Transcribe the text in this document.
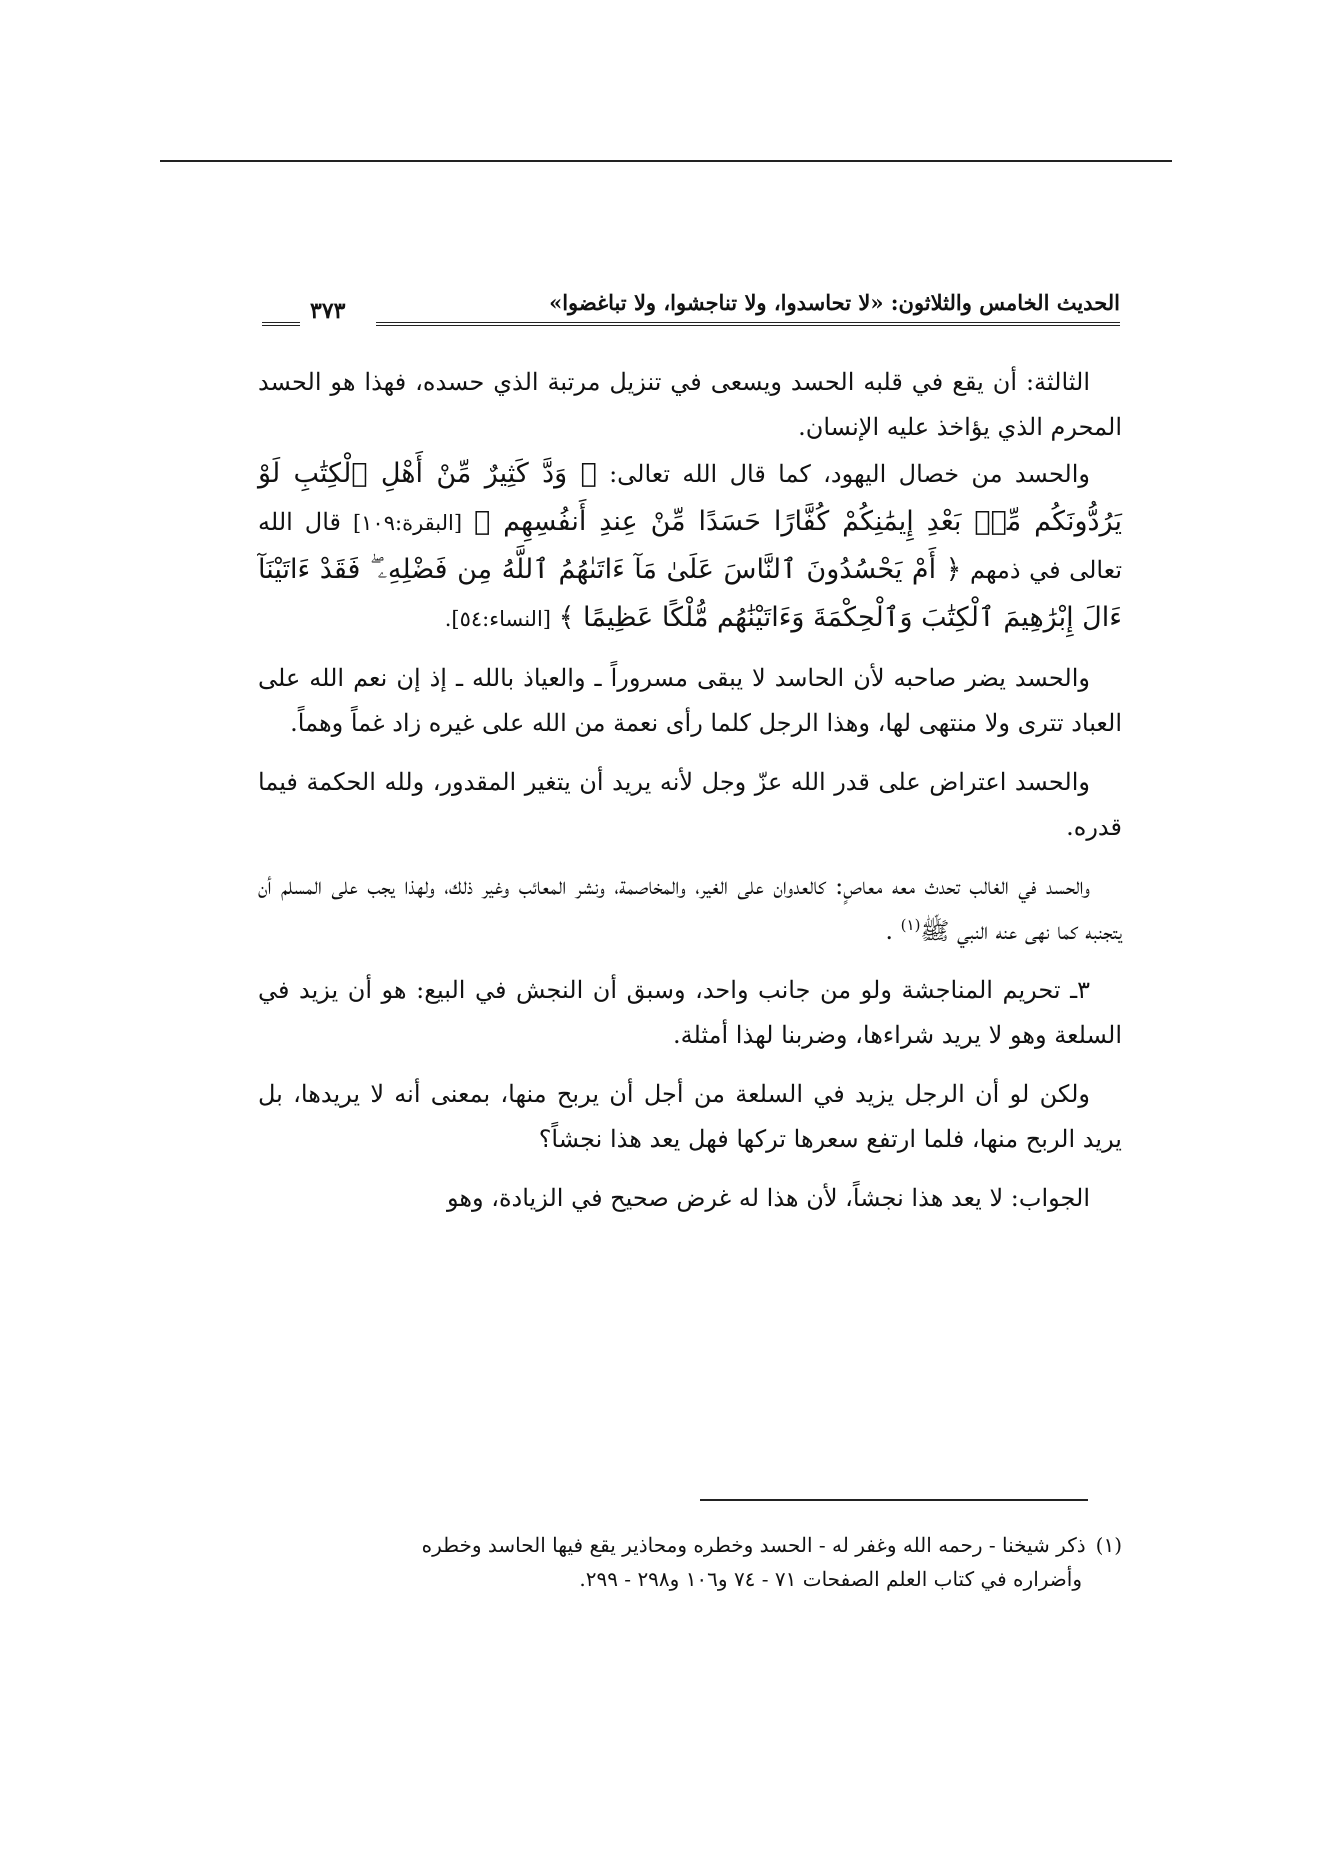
الحديث الخامس والثلاثون: «لا تحاسدوا، ولا تناجشوا، ولا تباغضوا»
٣٧٣

الثالثة: أن يقع في قلبه الحسد ويسعى في تنزيل مرتبة الذي حسده، فهذا هو الحسد المحرم الذي يؤاخذ عليه الإنسان.

والحسد من خصال اليهود، كما قال الله تعالى: ﴿ وَدَّ كَثِيرٌ مِّنْ أَهْلِ ٱلْكِتَٰبِ لَوْ يَرُدُّونَكُم مِّنۢ بَعْدِ إِيمَٰنِكُمْ كُفَّارًا حَسَدًا مِّنْ عِندِ أَنفُسِهِم ﴾ [البقرة:١٠٩] قال الله تعالى في ذمهم ﴿ أَمْ يَحْسُدُونَ ٱلنَّاسَ عَلَىٰ مَآ ءَاتَىٰهُمُ ٱللَّهُ مِن فَضْلِهِۦ ۖ فَقَدْ ءَاتَيْنَآ ءَالَ إِبْرَٰهِيمَ ٱلْكِتَٰبَ وَٱلْحِكْمَةَ وَءَاتَيْنَٰهُم مُّلْكًا عَظِيمًا ﴾ [النساء:٥٤].

والحسد يضر صاحبه لأن الحاسد لا يبقى مسروراً ـ والعياذ بالله ـ إذ إن نعم الله على العباد تترى ولا منتهى لها، وهذا الرجل كلما رأى نعمة من الله على غيره زاد غماً وهماً.

والحسد اعتراض على قدر الله عزّ وجل لأنه يريد أن يتغير المقدور، ولله الحكمة فيما قدره.

والحسد في الغالب تحدث معه معاصٍ: كالعدوان على الغير، والمخاصمة، ونشر المعائب وغير ذلك، ولهذا يجب على المسلم أن يتجنبه كما نهى عنه النبي ﷺ$^{(١)}$ .

٣ـ تحريم المناجشة ولو من جانب واحد، وسبق أن النجش في البيع: هو أن يزيد في السلعة وهو لا يريد شراءها، وضربنا لهذا أمثلة.

ولكن لو أن الرجل يزيد في السلعة من أجل أن يربح منها، بمعنى أنه لا يريدها، بل يريد الربح منها، فلما ارتفع سعرها تركها فهل يعد هذا نجشاً؟

الجواب: لا يعد هذا نجشاً، لأن هذا له غرض صحيح في الزيادة، وهو

(١)ذكر شيخنا - رحمه الله وغفر له - الحسد وخطره ومحاذير يقع فيها الحاسد وخطره

وأضراره في كتاب العلم الصفحات ٧١ - ٧٤ و١٠٦ و٢٩٨ - ٢٩٩.
